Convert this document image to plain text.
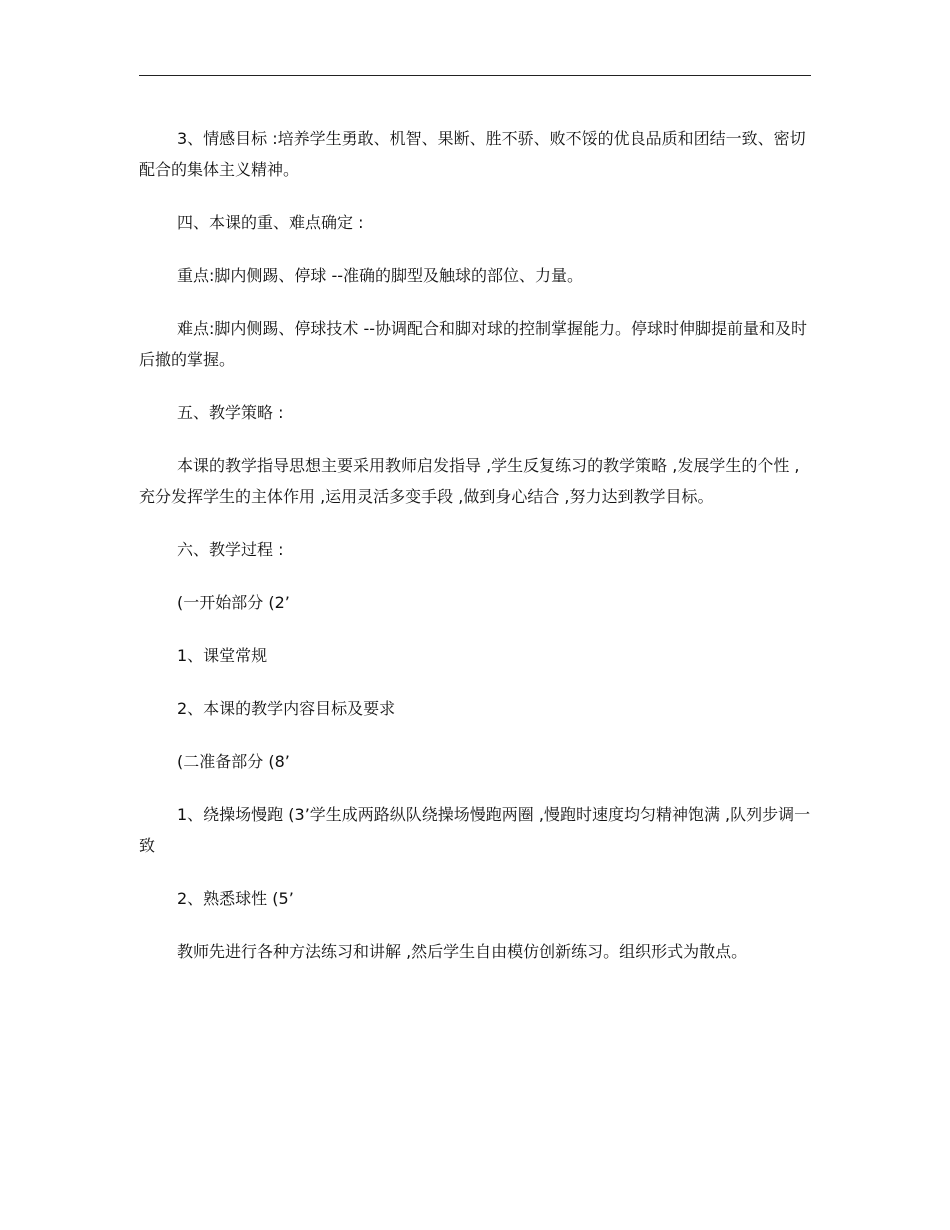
3、情感目标 :培养学生勇敢、机智、果断、胜不骄、败不馁的优良品质和团结一致、密切配合的集体主义精神。

四、本课的重、难点确定 :

重点:脚内侧踢、停球 --准确的脚型及触球的部位、力量。

难点:脚内侧踢、停球技术 --协调配合和脚对球的控制掌握能力。停球时伸脚提前量和及时后撤的掌握。

五、教学策略 :

本课的教学指导思想主要采用教师启发指导 ,学生反复练习的教学策略 ,发展学生的个性 ,充分发挥学生的主体作用 ,运用灵活多变手段 ,做到身心结合 ,努力达到教学目标。

六、教学过程 :

(一开始部分 (2’

1、课堂常规

2、本课的教学内容目标及要求

(二准备部分 (8’

1、绕操场慢跑 (3’学生成两路纵队绕操场慢跑两圈 ,慢跑时速度均匀精神饱满 ,队列步调一致

2、熟悉球性 (5’

教师先进行各种方法练习和讲解 ,然后学生自由模仿创新练习。组织形式为散点。
